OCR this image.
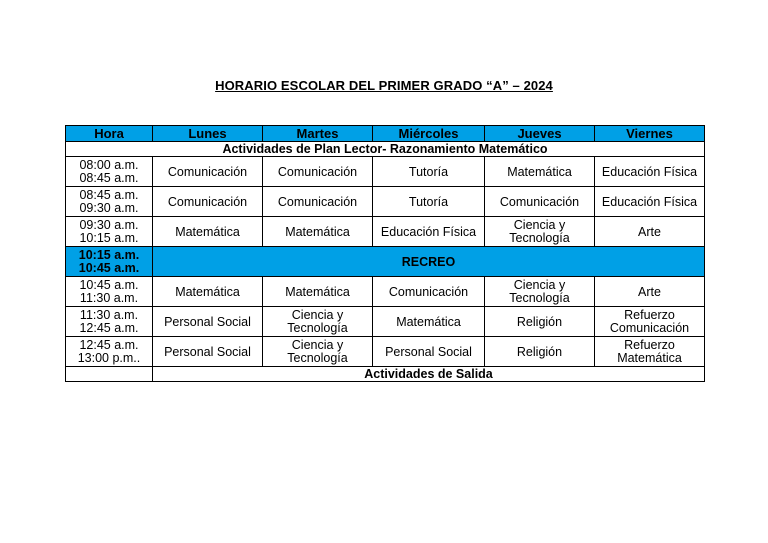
HORARIO ESCOLAR DEL PRIMER GRADO “A” – 2024
Hora	Lunes	Martes	Miércoles	Jueves	Viernes
Actividades de Plan Lector- Razonamiento Matemático					

08:00 a.m.
08:45 a.m.	Comunicación	Comunicación	Tutoría	Matemática	Educación Física

08:45 a.m.
09:30 a.m.	Comunicación	Comunicación	Tutoría	Comunicación	Educación Física

09:30 a.m.
10:15 a.m.	Matemática	Matemática	Educación Física	Ciencia y Tecnología	Arte

10:15 a.m.
10:45 a.m.	RECREO				

10:45 a.m.
11:30 a.m.	Matemática	Matemática	Comunicación	Ciencia y Tecnología	Arte

11:30 a.m.
12:45 a.m.	Personal Social	Ciencia y Tecnología	Matemática	Religión	Refuerzo Comunicación

12:45 a.m.
13:00 p.m..	Personal Social	Ciencia y Tecnología	Personal Social	Religión	Refuerzo Matemática

	Actividades de Salida				
